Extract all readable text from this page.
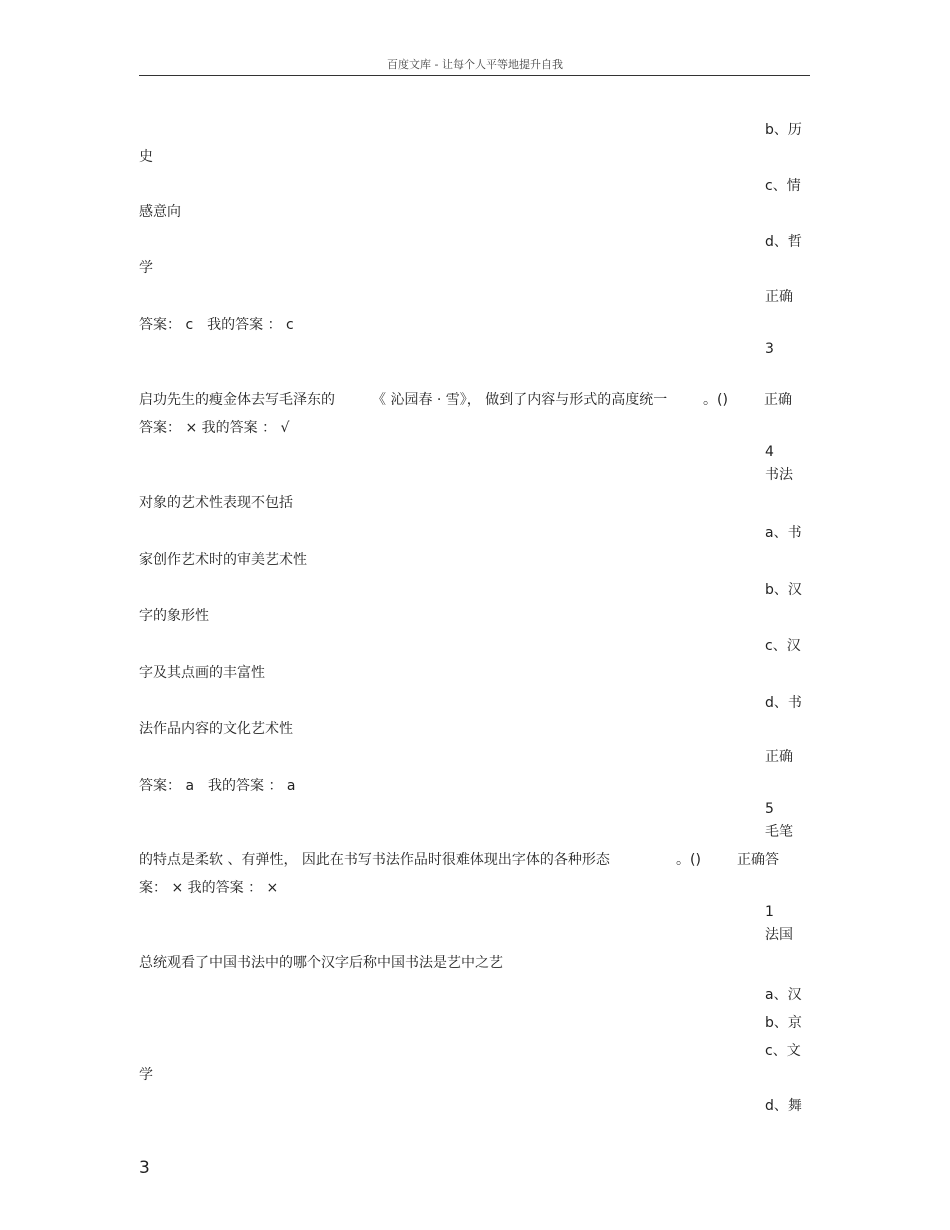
百度文库 - 让每个人平等地提升自我
b、历
史
c、情
感意向
d、哲
学
正确
答案： c　我的答案 ： c
3
启功先生的瘦金体去写毛泽东的	《 沁园春 · 雪》， 做到了内容与形式的高度统一	。()	正确
答案： × 我的答案 ： √
4
书法
对象的艺术性表现不包括
a、书
家创作艺术时的审美艺术性
b、汉
字的象形性
c、汉
字及其点画的丰富性
d、书
法作品内容的文化艺术性
正确
答案： a　我的答案 ： a
5
毛笔
的特点是柔软 、有弹性， 因此在书写书法作品时很难体现出字体的各种形态	。()	正确答
案： × 我的答案 ： ×
1
法国
总统观看了中国书法中的哪个汉字后称中国书法是艺中之艺
a、汉
b、京
c、文
学
d、舞
3
